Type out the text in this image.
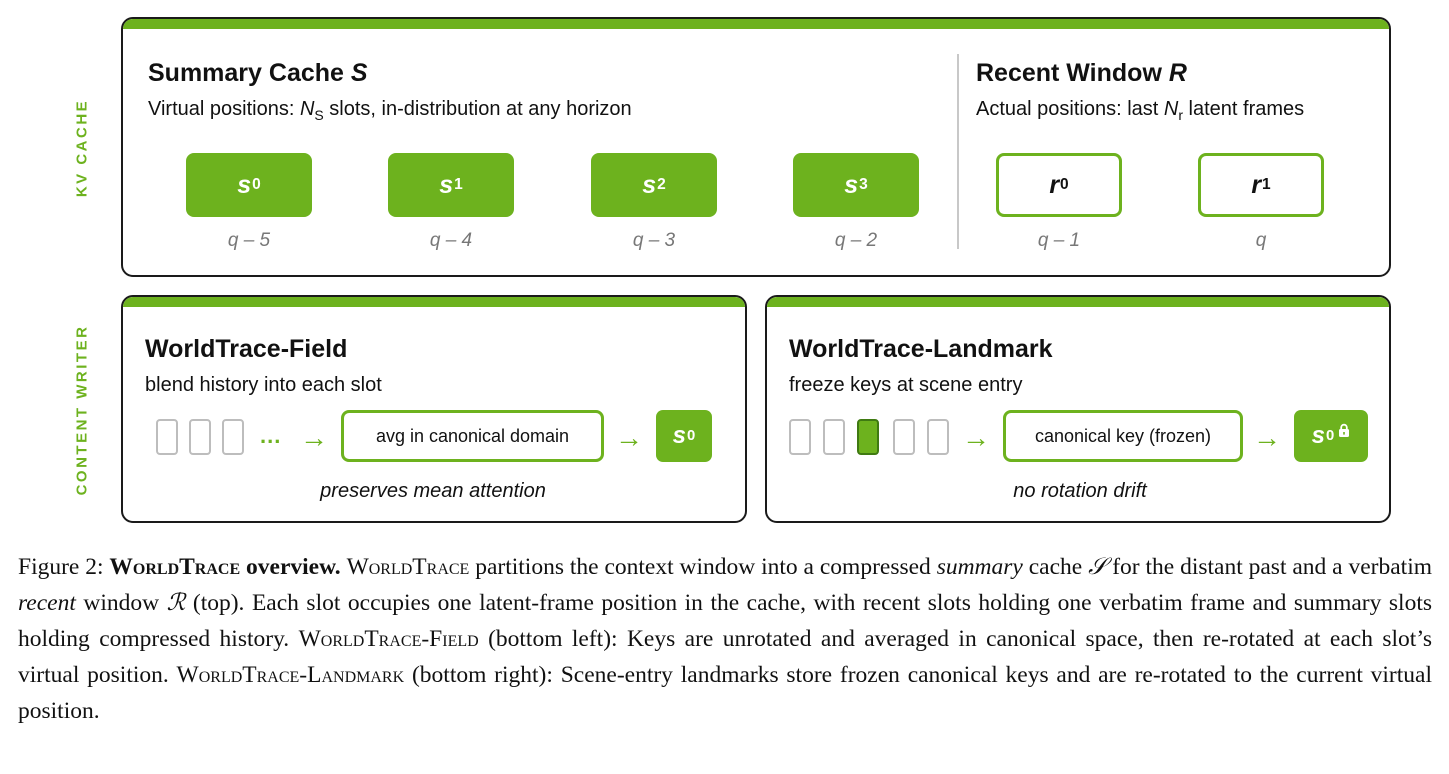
KV CACHE
CONTENT WRITER
Summary Cache S
Virtual positions: $N_S$ slots, in-distribution at any horizon
s 0	s 1	s 2	s 3
q – 5	q – 4	q – 3	q – 2
Recent Window R
Actual positions: last $N_r$ latent frames
r 0	r 1
q – 1	q
WorldTrace-Field
blend history into each slot
... →	avg in canonical domain	→ s 0
preserves mean attention
WorldTrace-Landmark
freeze keys at scene entry
→	canonical key (frozen)	→ s 0
no rotation drift
Figure 2: WorldTrace overview. WorldTrace partitions the context window into a compressed summary cache 𝒮 for the distant past and a verbatim recent window ℛ (top). Each slot occupies one latent-frame position in the cache, with recent slots holding one verbatim frame and summary slots holding compressed history. WorldTrace-Field (bottom left): Keys are unrotated and averaged in canonical space, then re-rotated at each slot’s virtual position. WorldTrace-Landmark (bottom right): Scene-entry landmarks store frozen canonical keys and are re-rotated to the current virtual position.
